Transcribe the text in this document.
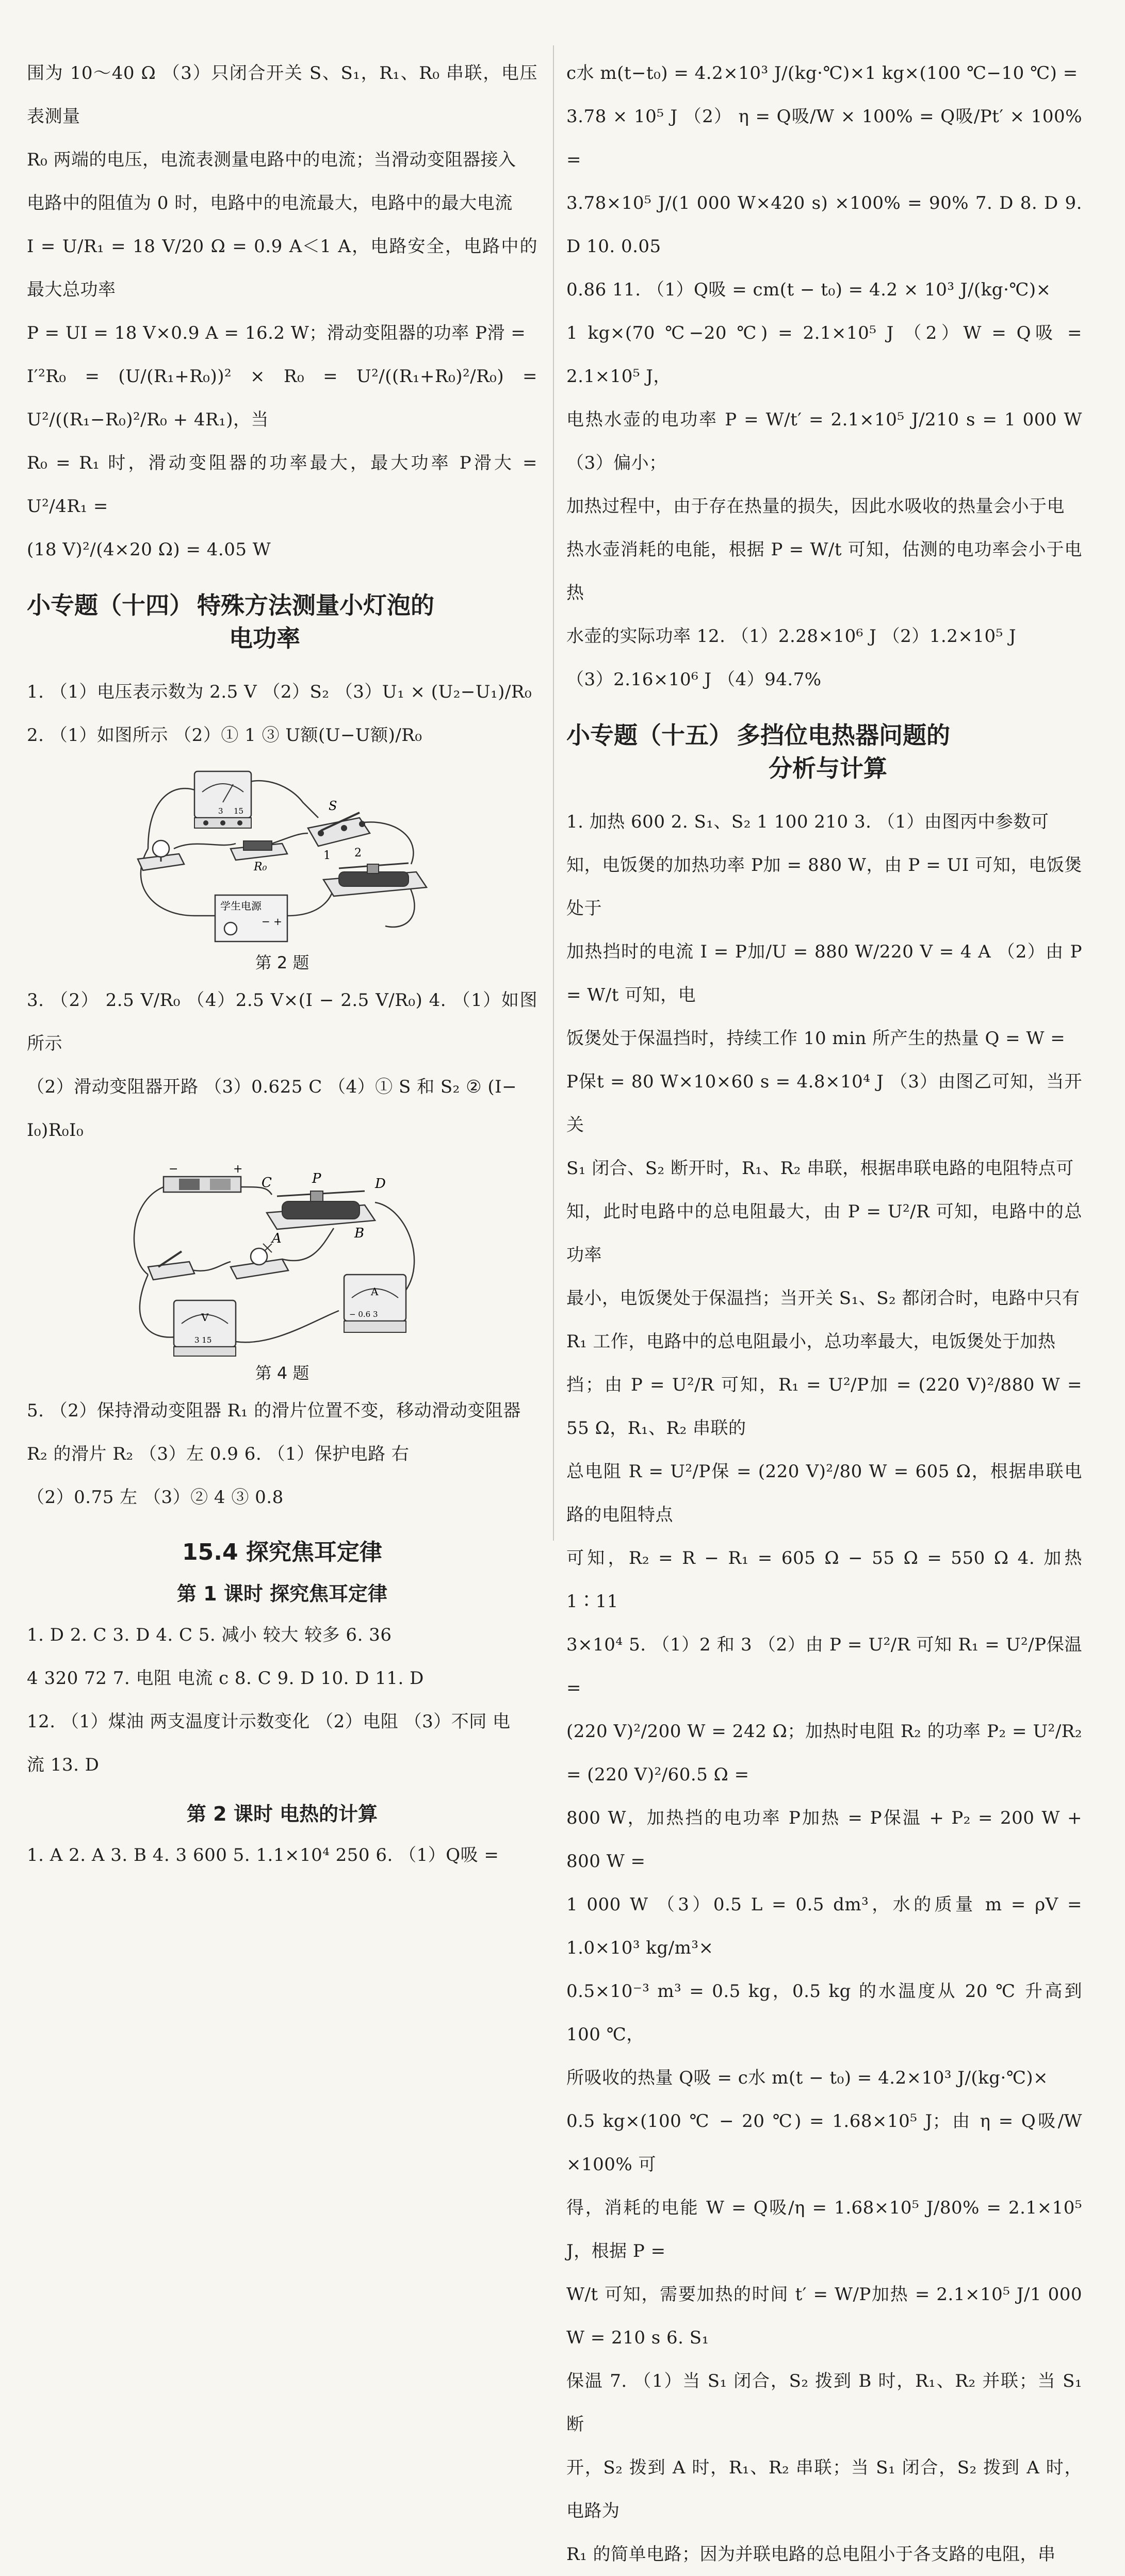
围为 10～40 Ω （3）只闭合开关 S、S₁，R₁、R₀ 串联，电压表测量

R₀ 两端的电压，电流表测量电路中的电流；当滑动变阻器接入

电路中的阻值为 0 时，电路中的电流最大，电路中的最大电流

I = U/R₁ = 18 V/20 Ω = 0.9 A＜1 A，电路安全，电路中的最大总功率

P = UI = 18 V×0.9 A = 16.2 W；滑动变阻器的功率 P滑 =

I′²R₀ = (U/(R₁+R₀))² × R₀ = U²/((R₁+R₀)²/R₀) = U²/((R₁−R₀)²/R₀ + 4R₁)，当

R₀ = R₁ 时，滑动变阻器的功率最大，最大功率 P滑大 = U²/4R₁ =

(18 V)²/(4×20 Ω) = 4.05 W

小专题（十四） 特殊方法测量小灯泡的
电功率

1. （1）电压表示数为 2.5 V （2）S₂ （3）U₁ × (U₂−U₁)/R₀

2. （1）如图所示 （2）① 1 ③ U额(U−U额)/R₀

3 15	S
1 2
R₀
学生电源
− +
第 2 题

3. （2） 2.5 V/R₀ （4）2.5 V×(I − 2.5 V/R₀) 4. （1）如图所示

（2）滑动变阻器开路 （3）0.625 C （4）① S 和 S₂ ② (I−

I₀)R₀I₀

−	+
C	P	D
A	B
A
− 0.6 3
V
3 15
第 4 题

5. （2）保持滑动变阻器 R₁ 的滑片位置不变，移动滑动变阻器

R₂ 的滑片 R₂ （3）左 0.9 6. （1）保护电路 右

（2）0.75 左 （3）② 4 ③ 0.8

15.4 探究焦耳定律
第 1 课时 探究焦耳定律

1. D 2. C 3. D 4. C 5. 减小 较大 较多 6. 36

4 320 72 7. 电阻 电流 c 8. C 9. D 10. D 11. D

12. （1）煤油 两支温度计示数变化 （2）电阻 （3）不同 电

流 13. D

第 2 课时 电热的计算

1. A 2. A 3. B 4. 3 600 5. 1.1×10⁴ 250 6. （1）Q吸 =

c水 m(t−t₀) = 4.2×10³ J/(kg·℃)×1 kg×(100 ℃−10 ℃) =

3.78 × 10⁵ J （2） η = Q吸/W × 100% = Q吸/Pt′ × 100% =

3.78×10⁵ J/(1 000 W×420 s) ×100% = 90% 7. D 8. D 9. D 10. 0.05

0.86 11. （1）Q吸 = cm(t − t₀) = 4.2 × 10³ J/(kg·℃)×

1 kg×(70 ℃−20 ℃) = 2.1×10⁵ J （2）W = Q吸 = 2.1×10⁵ J，

电热水壶的电功率 P = W/t′ = 2.1×10⁵ J/210 s = 1 000 W （3）偏小；

加热过程中，由于存在热量的损失，因此水吸收的热量会小于电

热水壶消耗的电能，根据 P = W/t 可知，估测的电功率会小于电热

水壶的实际功率 12. （1）2.28×10⁶ J （2）1.2×10⁵ J

（3）2.16×10⁶ J （4）94.7%

小专题（十五） 多挡位电热器问题的
分析与计算

1. 加热 600 2. S₁、S₂ 1 100 210 3. （1）由图丙中参数可

知，电饭煲的加热功率 P加 = 880 W，由 P = UI 可知，电饭煲处于

加热挡时的电流 I = P加/U = 880 W/220 V = 4 A （2）由 P = W/t 可知，电

饭煲处于保温挡时，持续工作 10 min 所产生的热量 Q = W =

P保t = 80 W×10×60 s = 4.8×10⁴ J （3）由图乙可知，当开关

S₁ 闭合、S₂ 断开时，R₁、R₂ 串联，根据串联电路的电阻特点可

知，此时电路中的总电阻最大，由 P = U²/R 可知，电路中的总功率

最小，电饭煲处于保温挡；当开关 S₁、S₂ 都闭合时，电路中只有

R₁ 工作，电路中的总电阻最小，总功率最大，电饭煲处于加热

挡；由 P = U²/R 可知，R₁ = U²/P加 = (220 V)²/880 W = 55 Ω，R₁、R₂ 串联的

总电阻 R = U²/P保 = (220 V)²/80 W = 605 Ω，根据串联电路的电阻特点

可知，R₂ = R − R₁ = 605 Ω − 55 Ω = 550 Ω 4. 加热 1∶11

3×10⁴ 5. （1）2 和 3 （2）由 P = U²/R 可知 R₁ = U²/P保温 =

(220 V)²/200 W = 242 Ω；加热时电阻 R₂ 的功率 P₂ = U²/R₂ = (220 V)²/60.5 Ω =

800 W，加热挡的电功率 P加热 = P保温 + P₂ = 200 W + 800 W =

1 000 W （3）0.5 L = 0.5 dm³，水的质量 m = ρV = 1.0×10³ kg/m³×

0.5×10⁻³ m³ = 0.5 kg，0.5 kg 的水温度从 20 ℃ 升高到 100 ℃，

所吸收的热量 Q吸 = c水 m(t − t₀) = 4.2×10³ J/(kg·℃)×

0.5 kg×(100 ℃ − 20 ℃) = 1.68×10⁵ J；由 η = Q吸/W ×100% 可

得，消耗的电能 W = Q吸/η = 1.68×10⁵ J/80% = 2.1×10⁵ J，根据 P =

W/t 可知，需要加热的时间 t′ = W/P加热 = 2.1×10⁵ J/1 000 W = 210 s 6. S₁

保温 7. （1）当 S₁ 闭合，S₂ 拨到 B 时，R₁、R₂ 并联；当 S₁ 断

开，S₂ 拨到 A 时，R₁、R₂ 串联；当 S₁ 闭合，S₂ 拨到 A 时，电路为

R₁ 的简单电路；因为并联电路的总电阻小于各支路的电阻，串
